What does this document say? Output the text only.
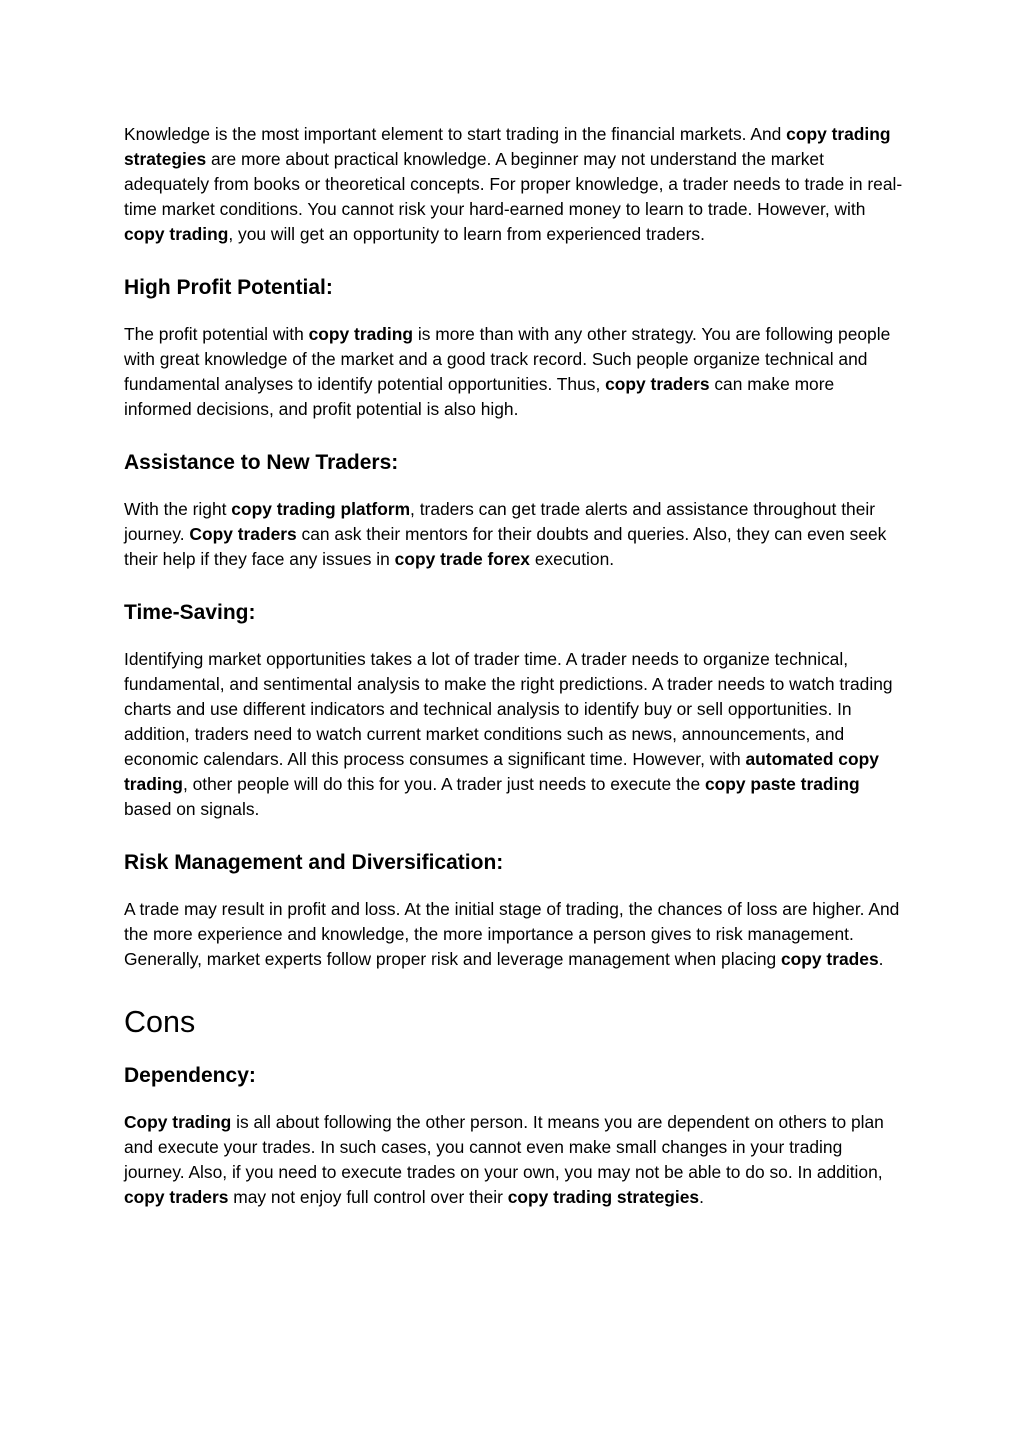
Knowledge is the most important element to start trading in the financial markets. And copy trading strategies are more about practical knowledge. A beginner may not understand the market adequately from books or theoretical concepts. For proper knowledge, a trader needs to trade in real-time market conditions. You cannot risk your hard-earned money to learn to trade. However, with copy trading, you will get an opportunity to learn from experienced traders.

High Profit Potential:

The profit potential with copy trading is more than with any other strategy. You are following people with great knowledge of the market and a good track record. Such people organize technical and fundamental analyses to identify potential opportunities. Thus, copy traders can make more informed decisions, and profit potential is also high.

Assistance to New Traders:

With the right copy trading platform, traders can get trade alerts and assistance throughout their journey. Copy traders can ask their mentors for their doubts and queries. Also, they can even seek their help if they face any issues in copy trade forex execution.

Time-Saving:

Identifying market opportunities takes a lot of trader time. A trader needs to organize technical, fundamental, and sentimental analysis to make the right predictions. A trader needs to watch trading charts and use different indicators and technical analysis to identify buy or sell opportunities. In addition, traders need to watch current market conditions such as news, announcements, and economic calendars. All this process consumes a significant time. However, with automated copy trading, other people will do this for you. A trader just needs to execute the copy paste trading based on signals.

Risk Management and Diversification:

A trade may result in profit and loss. At the initial stage of trading, the chances of loss are higher. And the more experience and knowledge, the more importance a person gives to risk management. Generally, market experts follow proper risk and leverage management when placing copy trades.

Cons
Dependency:

Copy trading is all about following the other person. It means you are dependent on others to plan and execute your trades. In such cases, you cannot even make small changes in your trading journey. Also, if you need to execute trades on your own, you may not be able to do so. In addition, copy traders may not enjoy full control over their copy trading strategies.
